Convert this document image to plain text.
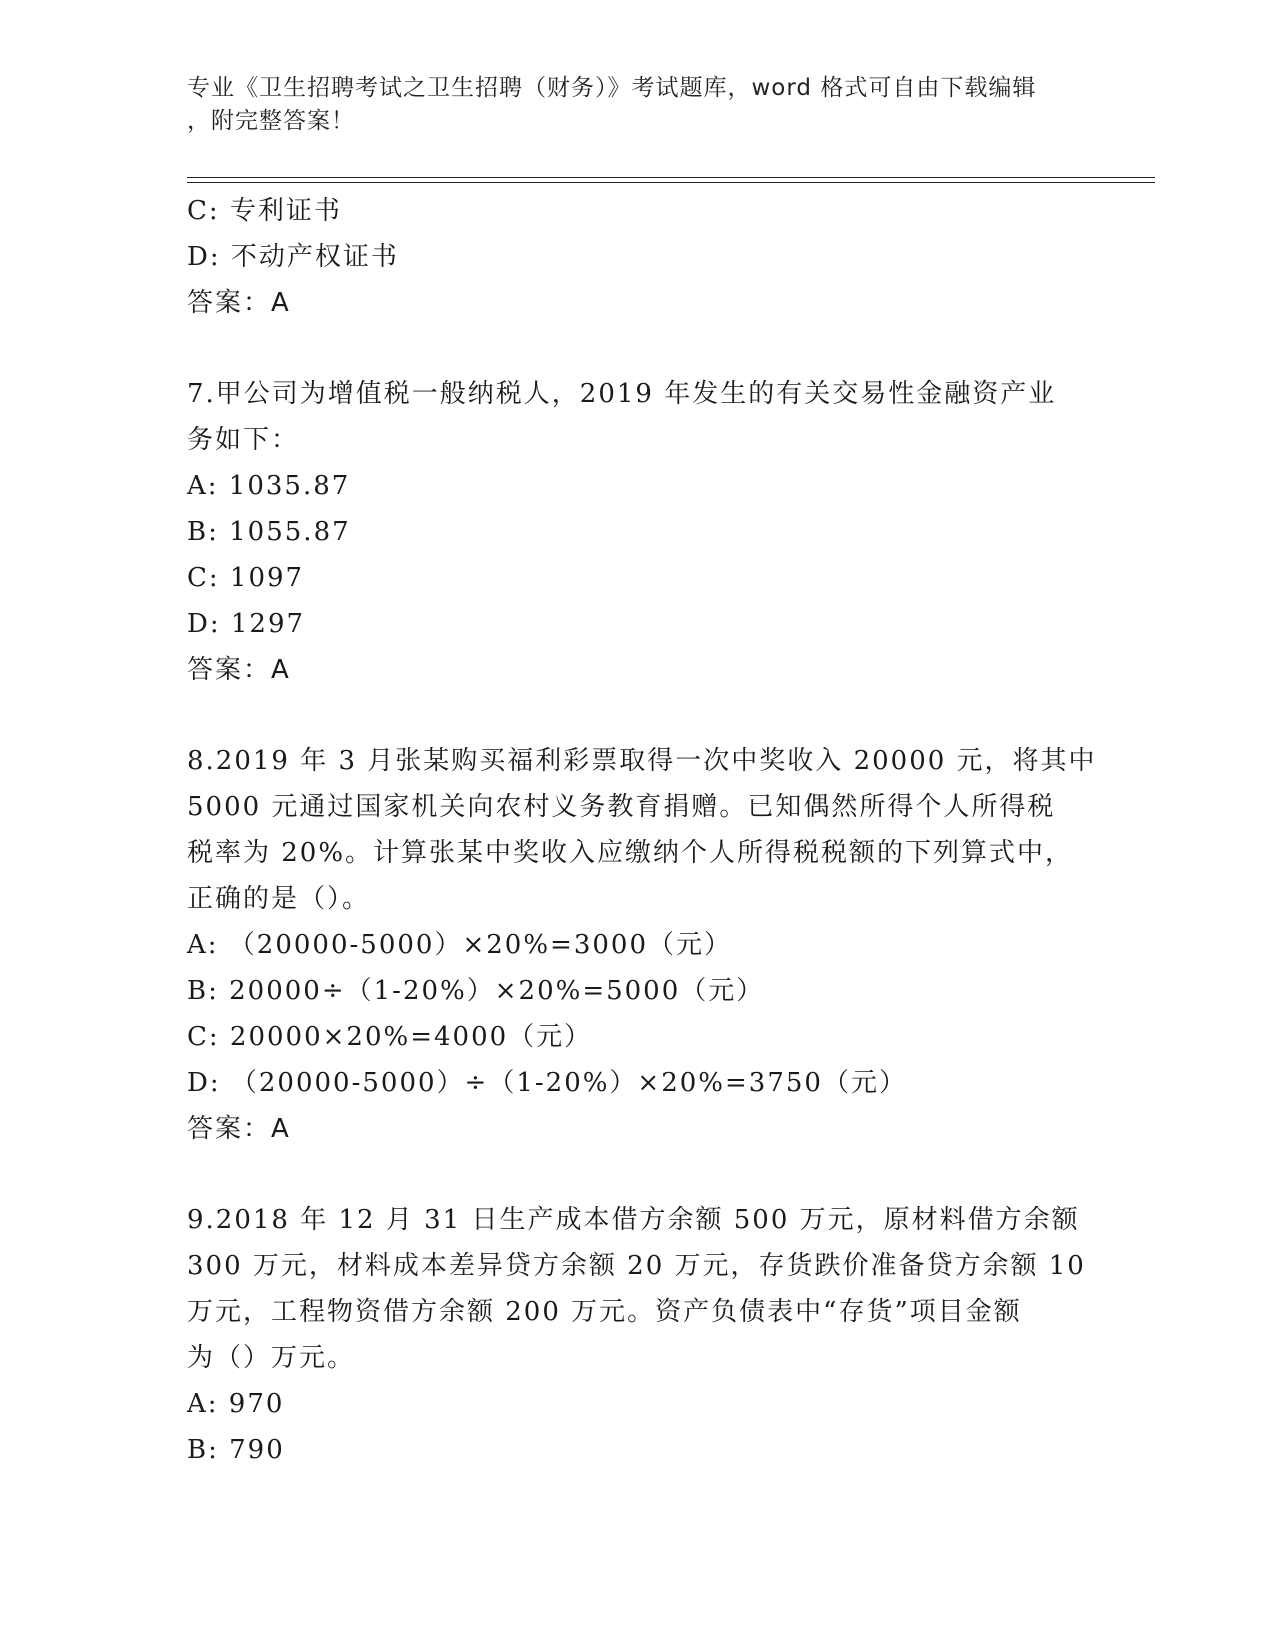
专业《卫生招聘考试之卫生招聘（财务）》考试题库，word 格式可自由下载编辑
，附完整答案！
C: 专利证书
D: 不动产权证书
答案：A
7.甲公司为增值税一般纳税人，2019 年发生的有关交易性金融资产业
务如下：
A: 1035.87
B: 1055.87
C: 1097
D: 1297
答案：A
8.2019 年 3 月张某购买福利彩票取得一次中奖收入 20000 元，将其中
5000 元通过国家机关向农村义务教育捐赠。已知偶然所得个人所得税
税率为 20%。计算张某中奖收入应缴纳个人所得税税额的下列算式中，
正确的是（）。
A: （20000-5000）×20%=3000（元）
B: 20000÷（1-20%）×20%=5000（元）
C: 20000×20%=4000（元）
D: （20000-5000）÷（1-20%）×20%=3750（元）
答案：A
9.2018 年 12 月 31 日生产成本借方余额 500 万元，原材料借方余额
300 万元，材料成本差异贷方余额 20 万元，存货跌价准备贷方余额 10
万元，工程物资借方余额 200 万元。资产负债表中“存货”项目金额
为（）万元。
A: 970
B: 790
